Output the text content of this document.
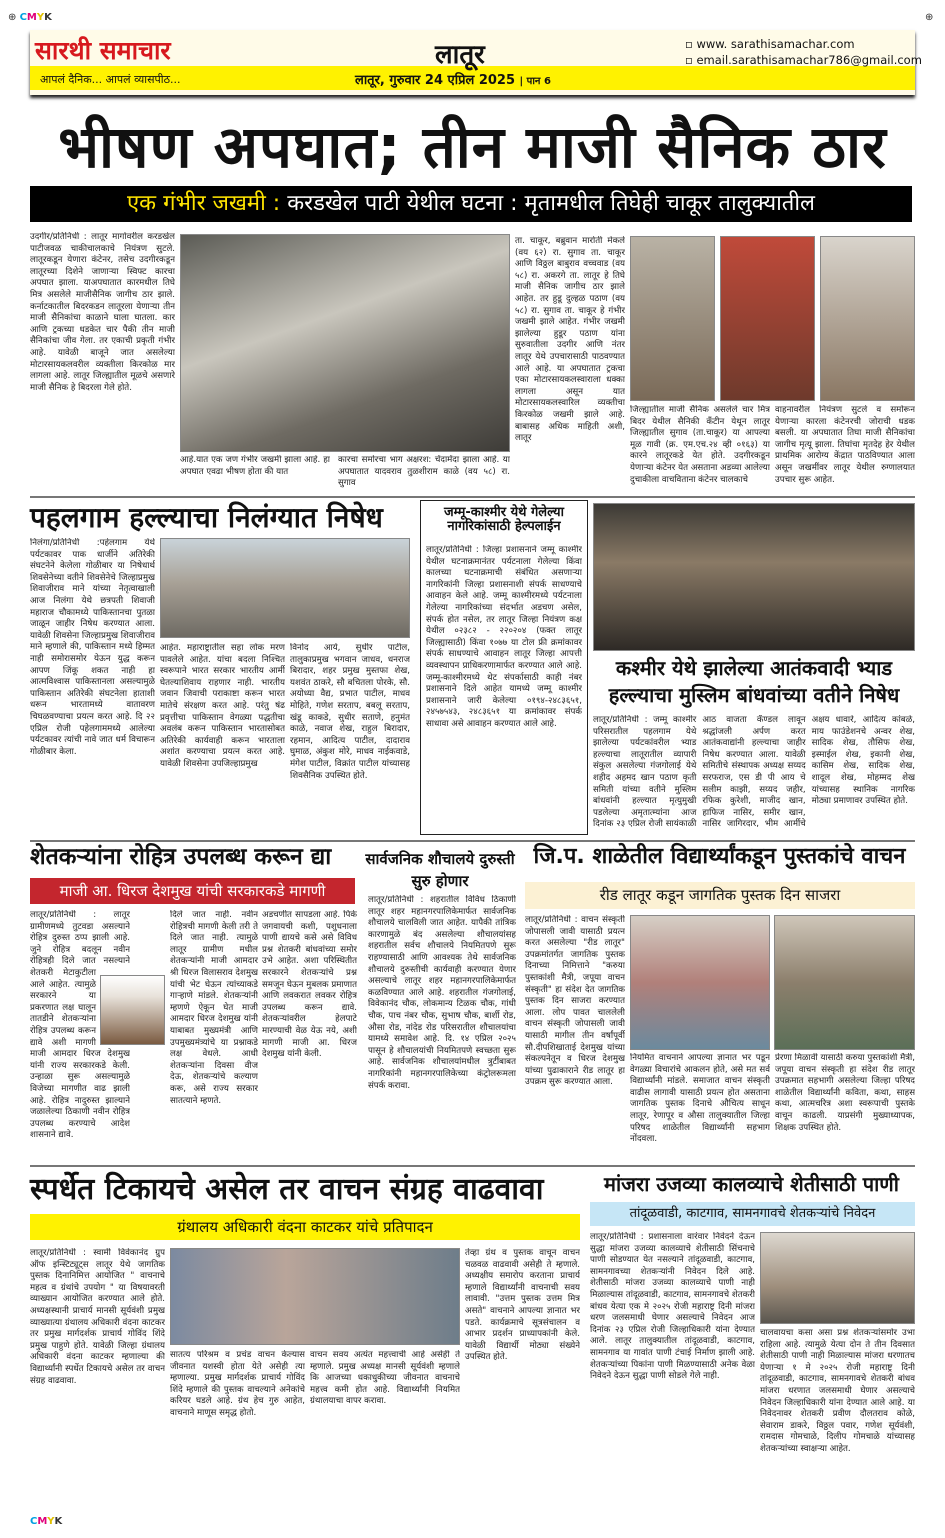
⊕ CMYK	⊕
CMYK
सारथी समाचार	लातूर	▫ www. sarathisamachar.com
▫ email.sarathisamachar786@gmail.com
आपलं दैनिक... आपलं व्यासपीठ...	लातूर, गुरुवार 24 एप्रिल 2025 | पान 6
भीषण अपघात; तीन माजी सैनिक ठार
एक गंभीर जखमी : करडखेल पाटी येथील घटना : मृतामधील तिघेही चाकूर तालुक्यातील
उदगीर/प्रतिनिधी : लातूर मार्गावरील करडखेल पाटीजवळ चाकीचालकाचे नियंत्रण सुटले. लातूरकडून येणारा कंटेनर, तसेच उदगीरकडून लातूरच्या दिशेने जाणाऱ्या स्विफ्ट कारचा अपघात झाला. याअपघातात कारमधील तिघे मित्र असलेले माजीसैनिक जागीच ठार झाले. कर्नाटकातील बिदरकडन लातूरला येणाऱ्या तीन माजी सैनिकांचा काळाने घाला घातला. कार आणि ट्रकच्या धडकेत चार पैकी तीन माजी सैनिकांचा जीव गेला. तर एकाची प्रकृती गंभीर आहे. यावेळी बाजूने जात असलेल्या मोटारसायकलवरील व्यक्तीला किरकोळ मार लागला आहे. लातूर जिल्ह्यातील मूळचे असणारे माजी सैनिक हे बिदरला गेले होते.
आहे.यात एक जण गंभीर जखमी झाला आहे. हा अपघात एवढा भीषण होता की यात
कारचा समोरचा भाग अक्षरश: चेंदामेंदा झाला आहे. या अपघातात यादवराव तुळशीराम काळे (वय ५८) रा. सुगाव
ता. चाकूर, बब्रुवान मारोती मेकले (वय ६२) रा. सुगाव ता. चाकूर आणि विठ्ठल बाबुराव वच्चवाड (वय ५८) रा. अकरगे ता. लातूर हे तिघे माजी सैनिक जागीच ठार झाले आहेत. तर हुडू दुल्हळ पठाण (वय ५८) रा. सुगाव ता. चाकूर हे गंभीर जखमी झाले आहेत. गंभीर जखमी झालेल्या हुडूर पठाण यांना सुरुवातीला उदगीर आणि नंतर लातूर येथे उपचारासाठी पाठवण्यात आले आहे. या अपघातात ट्रकचा एका मोटारसायकलस्वाराला धक्का लागला असून यात मोटारसायकलस्वारिल व्यक्तीचा किरकोळ जखमी झाले आहे. बाबासह अधिक माहिती अशी, लातूर
जिल्ह्यातील माजी सैनिक असलेले चार मित्र बिदर येथील सैनिकी कँटीन येथून लातूर जिल्ह्यातील सुगाव (ता.चाकूर) या आपल्या मूळ गावी (क्र. एम.एच.२४ व्ही ०१६३) या कारने लातूरकडे येत होते. उदगीरकडून येणाऱ्या कंटेनर येत असताना अडव्या आलेल्या दुचाकीला वाचविताना कंटेनर चालकाचे
वाहनावरील नियंत्रण सुटले व समोरून येणाऱ्या कारला कंटेनरची जोराची धडक बसली. या अपघातात तिघा माजी सैनिकांचा जागीच मृत्यू झाला. तिघांचा मृतदेह हेर येथील प्राथमिक आरोग्य केंद्रात पाठविण्यात आला असून जखमींवर लातूर येथील रुग्णालयात उपचार सुरू आहेत.
पहलगाम हल्ल्याचा निलंग्यात निषेध
निलंगा/प्रतिनिधी :पहेलगाम येथे पर्यटकावर पाक धार्जीने अतिरेकी संघटनेने केलेला गोळीबार या निषेधार्थ शिवसेनेच्या वतीने शिवसेनेचे जिल्हाप्रमुख शिवाजीराव माने यांच्या नेतृत्वाखाली आज निलंगा येथे छत्रपती शिवाजी महाराज चौकामध्ये पाकिस्तानचा पुतळा जाळून जाहीर निषेध करण्यात आला. यावेळी शिवसेना जिल्हाप्रमुख शिवाजीराव माने म्हणाले की, पाकिस्तान मध्ये हिम्मत नाही समोरासमोर येऊन युद्ध करून आपण जिंकू शकत नाही हा आत्मविश्वास पाकिस्तानला असल्यामुळे पाकिस्तान अतिरेकी संघटनेला हाताशी धरून भारतामध्ये वातावरण चिघळवण्याचा प्रयत्न करत आहे. दि २२ एप्रिल रोजी पहेलगाममध्ये आलेल्या पर्यटकावर त्यांची नावे जात धर्म विचारून गोळीबार केला.
आहेत. महाराष्ट्रातील सहा लोक मरण पावलेले आहेत. यांचा बदला निश्चित स्वरूपाने भारत सरकार भारतीय आर्मी घेतल्याशिवाय राहणार नाही. भारतीय जवान जिवाची पराकाष्टा करून भारत मातेचे संरक्षण करत आहे. परंतु षंढ प्रवृत्तीचा पाकिस्तान वेगळ्या पद्धतीचा अवलंब करून पाकिस्तान भारतासोबत अतिरेकी कार्यवाही करून भारताला अशांत करण्याचा प्रयत्न करत आहे. यावेळी शिवसेना उपजिल्हाप्रमुख
विनोद आर्य, सुधीर पाटील, तालुकाप्रमुख भगवान जाधव, धनराज बिरादार, शहर प्रमुख मुस्तफा शेख, यशवंत ठाकरे, सौ बचितला पोरके, सौ. अयोध्या वैद्य, प्रभात पाटील, माधव मोहिते, गणेश सरताप, बबलू सरताप, खंडू काकडे, सुधीर सताणे, हनुमंत काळे, नवाज शेख, राहुल बिरादार, रहमान, आदित्य पाटील, दादाराव घुमाळ, अंकुश मोरे, माधव नाईकवाडे, मंगेश पाटील, विक्रांत पाटील यांच्यासह शिवसैनिक उपस्थित होते.
जम्मू-काश्मीर येथे गेलेल्या नागरिकांसाठी हेल्पलाईन
लातूर/प्रतिनिधी : जिल्हा प्रशासनाने जम्मू काश्मीर येथील घटनाक्रमानंतर पर्यटनाला गेलेल्या किंवा कालच्या घटनाक्रमाची संबंधित असणाऱ्या नागरिकांनी जिल्हा प्रशासनाशी संपर्क साधण्याचे आवाहन केले आहे. जम्मू काश्मीरमध्ये पर्यटनाला गेलेल्या नागरिकांच्या संदर्भात अडचण असेल, संपर्क होत नसेल, तर लातूर जिल्हा नियंत्रण कक्ष येथील ०२३८२ - २२०२०४ (फक्त लातूर जिल्ह्यासाठी) किंवा १०७७ या टोल फ्री क्रमांकावर संपर्क साधण्याचे आवाहन लातूर जिल्हा आपत्ती व्यवस्थापन प्राधिकरणामार्फत करण्यात आले आहे. जम्मू-काश्मीरमध्ये थेट संपर्कासाठी काही नंबर प्रशासनाने दिले आहेत यामध्ये जम्मू काश्मीर प्रशासनाने जारी केलेल्या ०१९४-२४८३६५१, २४५७५४३, २४८३६५१ या क्रमांकावर संपर्क साधावा असे आवाहन करण्यात आले आहे.
कश्मीर येथे झालेल्या आतंकवादी भ्याड हल्ल्याचा मुस्लिम बांधवांच्या वतीने निषेध
लातूर/प्रतिनिधी : जम्मू काश्मीर परिसरातील पहलगाम येथे झालेल्या पर्यटकांवरील भ्याड हल्ल्याचा लातूरातील व्यापारी संकुल असलेल्या गंजगोलाई येथे शहीद अहमद खान पठाण कृती समिती यांच्या वतीने मुस्लिम बांधवांनी हल्ल्यात मृत्युमुखी पडलेल्या अमृतात्म्यांना आज दिनांक २३ एप्रिल रोजी सायंकाळी आठ वाजता कँण्डल लावून श्रद्धांजली अर्पण करत आतंकवाद्यांनी हल्ल्याचा जाहीर निषेध करण्यात आला. यावेळी समितीचे संस्थापक अध्यक्ष सय्यद सरफराज, एस डी पी आय चे सलीम काझी, सय्यद जहीर, रफिक कुरेशी, माजीद खान, हाफिज नासिर, समीर खान, नासिर जागिरदार, भीम आर्मीचे अक्षय धावारे, आदित्य कांबळे, माय फाउंडेशनचे अन्वर शेख, सादिक शेख, तौसिफ शेख, इस्माईल शेख, इकानी शेख, कासिम शेख, सादिक शेख, शादूल शेख, मोहम्मद शेख यांच्यासह स्थानिक नागरिक मोठ्या प्रमाणावर उपस्थित होते.
शेतकऱ्यांना रोहित्र उपलब्ध करून द्या
माजी आ. धिरज देशमुख यांची सरकारकडे मागणी
लातूर/प्रतिनिधी : लातूर ग्रामीणमध्ये तुटवडा असल्याने रोहित्र दुरुस्त ठप्प झाली आहे. जुने रोहित्र बदलून नवीन रोहित्रही दिले जात नसल्याने शेतकरी मेटाकुटीला आले आहेत. त्यामुळे सरकारने या प्रकरणात लक्ष घालून तातडीने शेतकऱ्यांना रोहित्र उपलब्ध करून द्यावे अशी मागणी माजी आमदार धिरज देशमुख यांनी राज्य सरकारकडे केली. उन्हाळा सुरू असल्यामुळे विजेच्या मागणीत वाढ झाली आहे. रोहित्र नादुरुस्त झाल्याने जळालेल्या ठिकाणी नवीन रोहित्र उपलब्ध करण्याचे आदेश शासनाने द्यावे.
दिले जात नाही. नवीन रोहित्रची मागणी केली तरी ते दिले जात नाही. त्यामुळे लातूर ग्रामीण मधील शेतकऱ्यांनी माजी आमदार श्री धिरज विलासराव देशमुख यांची भेट घेऊन त्यांच्याकडे गाऱ्हाणे मांडले. शेतकऱ्यांनी म्हणणे ऐकून घेत माजी आमदार धिरज देशमुख यांनी याबाबत मुख्यमंत्री आणि उपमुख्यमंत्र्यांचे या प्रश्नाकडे लक्ष वेधले. आधी शेतकऱ्यांना दिवसा वीज देऊ, शेतकऱ्यांचे कल्याण करू, असे राज्य सरकार सातत्याने म्हणते.
अडचणीत सापडला आहे. पिके जगवायची कशी, पशुधनाला पाणी द्यायचे कसे असे विविध प्रश्न शेतकरी बांधवांच्या समोर उभे आहेत. अशा परिस्थितीत सरकारने शेतकऱ्यांचे प्रश्न समजून घेऊन मुबलक प्रमाणात आणि लवकरात लवकर रोहित्र उपलब्ध करून द्यावे. शेतकऱ्यांवरील हेलपाटे मारण्याची वेळ येऊ नये, अशी मागणी माजी आ. धिरज देशमुख यांनी केली.
सार्वजनिक शौचालये दुरुस्ती सुरु होणार
लातूर/प्रतिनिधी : शहरातील विविध ठिकाणी लातूर शहर महानगरपालिकेमार्फत सार्वजनिक शौचालये चालविली जात आहेत. यापैकी तांत्रिक कारणामुळे बंद असलेल्या शौचालयांसह शहरातील सर्वच शौचालये नियमितपणे सुरू राहण्यासाठी आणि आवश्यक तेथे सार्वजनिक शौचालये दुरुस्तीची कार्यवाही करण्यात येणार असल्याचे लातूर शहर महानगरपालिकेमार्फत कळविण्यात आले आहे. शहरातील गंजगोलाई, विवेकानंद चौक, लोकमान्य टिळक चौक, गांधी चौक, पाच नंबर चौक, सुभाष चौक, बार्शी रोड, औसा रोड, नांदेड रोड परिसरातील शौचालयांचा यामध्ये समावेश आहे. दि. १४ एप्रिल २०२५ पासून हे शौचालयांची नियमितपणे स्वच्छता सुरू आहे. सार्वजनिक शौचालयांमधील त्रुटींबाबत नागरिकांनी महानगरपालिकेच्या कंट्रोलरूमला संपर्क करावा.
जि.प. शाळेतील विद्यार्थ्यांकडून पुस्तकांचे वाचन
रीड लातूर कडून जागतिक पुस्तक दिन साजरा
लातूर/प्रतिनिधी : वाचन संस्कृती जोपासली जावी यासाठी प्रयत्न करत असलेल्या "रीड लातूर" उपक्रमांतर्गत जागतिक पुस्तक दिनाच्या निमित्ताने "करुया पुस्तकांशी मैत्री, जपूया वाचन संस्कृती" हा संदेश देत जागतिक पुस्तक दिन साजरा करण्यात आला. लोप पावत चाललेली वाचन संस्कृती जोपासली जावी यासाठी मागील तीन वर्षांपूर्वी सौ.दीपशिखाताई देशमुख यांच्या संकल्पनेतून व धिरज देशमुख यांच्या पुढाकाराने रीड लातूर हा उपक्रम सुरू करण्यात आला.
नियमित वाचनाने आपल्या ज्ञानात भर पडून वेगळ्या विचारांचे आकलन होते, असे मत सर्व विद्यार्थ्यांनी मांडले. समाजात वाचन संस्कृती वाढीस लागावी यासाठी प्रयत्न होत असताना जागतिक पुस्तक दिनाचे औचित्य साधून लातूर, रेणापूर व औसा तालुक्यातील जिल्हा परिषद शाळेतील विद्यार्थ्यांनी सहभाग नोंदवला.
प्रेरणा मिळावी यासाठी करुया पुस्तकांशी मैत्री, जपूया वाचन संस्कृती हा संदेश रीड लातूर उपक्रमात सहभागी असलेल्या जिल्हा परिषद शाळेतील विद्यार्थ्यांनी कविता, कथा, साहस कथा, आत्मचरित्र अशा स्वरूपाची पुस्तके वाचून काढली. याप्रसंगी मुख्याध्यापक, शिक्षक उपस्थित होते.
स्पर्धेत टिकायचे असेल तर वाचन संग्रह वाढवावा
ग्रंथालय अधिकारी वंदना काटकर यांचे प्रतिपादन
लातूर/प्रतिनिधी : स्वामी विवेकानंद ग्रुप ऑफ इन्स्टिट्यूट्स लातूर येथे जागतिक पुस्तक दिनानिमित्त आयोजित " वाचनाचे महत्व व ग्रंथांचे उपयोग " या विषयावरती व्याख्यान आयोजित करण्यात आले होते. अध्यक्षस्थानी प्राचार्य मानसी सूर्यवंशी प्रमुख व्याख्यात्या ग्रंथालय अधिकारी वंदना काटकर तर प्रमुख मार्गदर्शक प्राचार्य गोविंद शिंदे प्रमुख पाहुणे होते. यावेळी जिल्हा ग्रंथालय अधिकारी वंदना काटकर म्हणाल्या की विद्यार्थ्यांनी स्पर्धेत टिकायचे असेल तर वाचन संग्रह वाढवावा.
सातत्य परिश्रम व प्रचंड वाचन केल्यास जीवनात यशस्वी होता येते असेही त्या म्हणाल्या. प्रमुख मार्गदर्शक प्राचार्य गोविंद शिंदे म्हणाले की पुस्तक वाचल्याने अनेकांचे करियर घडले आहे. ग्रंथ हेच गुरु आहेत, वाचनाने माणूस समृद्ध होतो.
वाचन सवय अत्यंत महत्त्वाची आहे असेही ते म्हणाले. प्रमुख अध्यक्ष मानसी सूर्यवंशी म्हणाले कि आजच्या धकाधुकीच्या जीवनात वाचनाचे महत्त्व कमी होत आहे. विद्यार्थ्यांनी नियमित ग्रंथालयाचा वापर करावा.
तेव्हा ग्रंथ व पुस्तक वाचून वाचन चळवळ वाढवावी असेही ते म्हणाले. अध्यक्षीय समारोप करताना प्राचार्य म्हणाले विद्यार्थ्यांनी वाचनाची सवय लावावी. "उत्तम पुस्तक उत्तम मित्र असते" वाचनाने आपल्या ज्ञानात भर पडते. कार्यक्रमाचे सूत्रसंचालन व आभार प्रदर्शन प्राध्यापकांनी केले. यावेळी विद्यार्थी मोठ्या संख्येने उपस्थित होते.
मांजरा उजव्या कालव्याचे शेतीसाठी पाणी
तांदूळवाडी, काटगाव, सामनगावचे शेतकऱ्यांचे निवेदन
लातूर/प्रतिनिधी : प्रशासनाला वारंवार निवेदने देऊन सुद्धा मांजरा उजव्या कालव्याचे शेतीसाठी सिंचनाचे पाणी सोडण्यात येत नसल्याने तांदूळवाडी, काटगाव, सामनगावच्या शेतकऱ्यांनी निवेदन दिले आहे. शेतीसाठी मांजरा उजव्या कालव्याचे पाणी नाही मिळाल्यास तांदूळवाडी, काटगाव, सामनगावचे शेतकरी बांधव येत्या एक मे २०२५ रोजी महाराष्ट्र दिनी मांजरा धरण जलसमाधी घेणार असल्याचे निवेदन आज दिनांक २३ एप्रिल रोजी जिल्हाधिकारी यांना देण्यात आले. लातूर तालुक्यातील तांदूळवाडी, काटगाव, सामनगाव या गावांत पाणी टंचाई निर्माण झाली आहे. शेतकऱ्यांच्या पिकांना पाणी मिळण्यासाठी अनेक वेळा निवेदने देऊन सुद्धा पाणी सोडले गेले नाही.
चालवायचा कसा असा प्रश्न शेतकऱ्यांसमोर उभा राहिला आहे. त्यामुळे येत्या दोन ते तीन दिवसात शेतीसाठी पाणी नाही मिळाल्यास मांजरा धरणातच येणाऱ्या १ मे २०२५ रोजी महाराष्ट्र दिनी तांदूळवाडी, काटगाव, सामनगावचे शेतकरी बांधव मांजरा धरणात जलसमाधी घेणार असल्याचे निवेदन जिल्हाधिकारी यांना देण्यात आले आहे. या निवेदनावर शेतकरी प्रवीण दौलतराव कोळे, सेवाराम डाकरे, विठ्ठल पवार, गणेश सूर्यवंशी, रामदास गोमचाळे, दिलीप गोमचाळे यांच्यासह शेतकऱ्यांच्या स्वाक्षऱ्या आहेत.
